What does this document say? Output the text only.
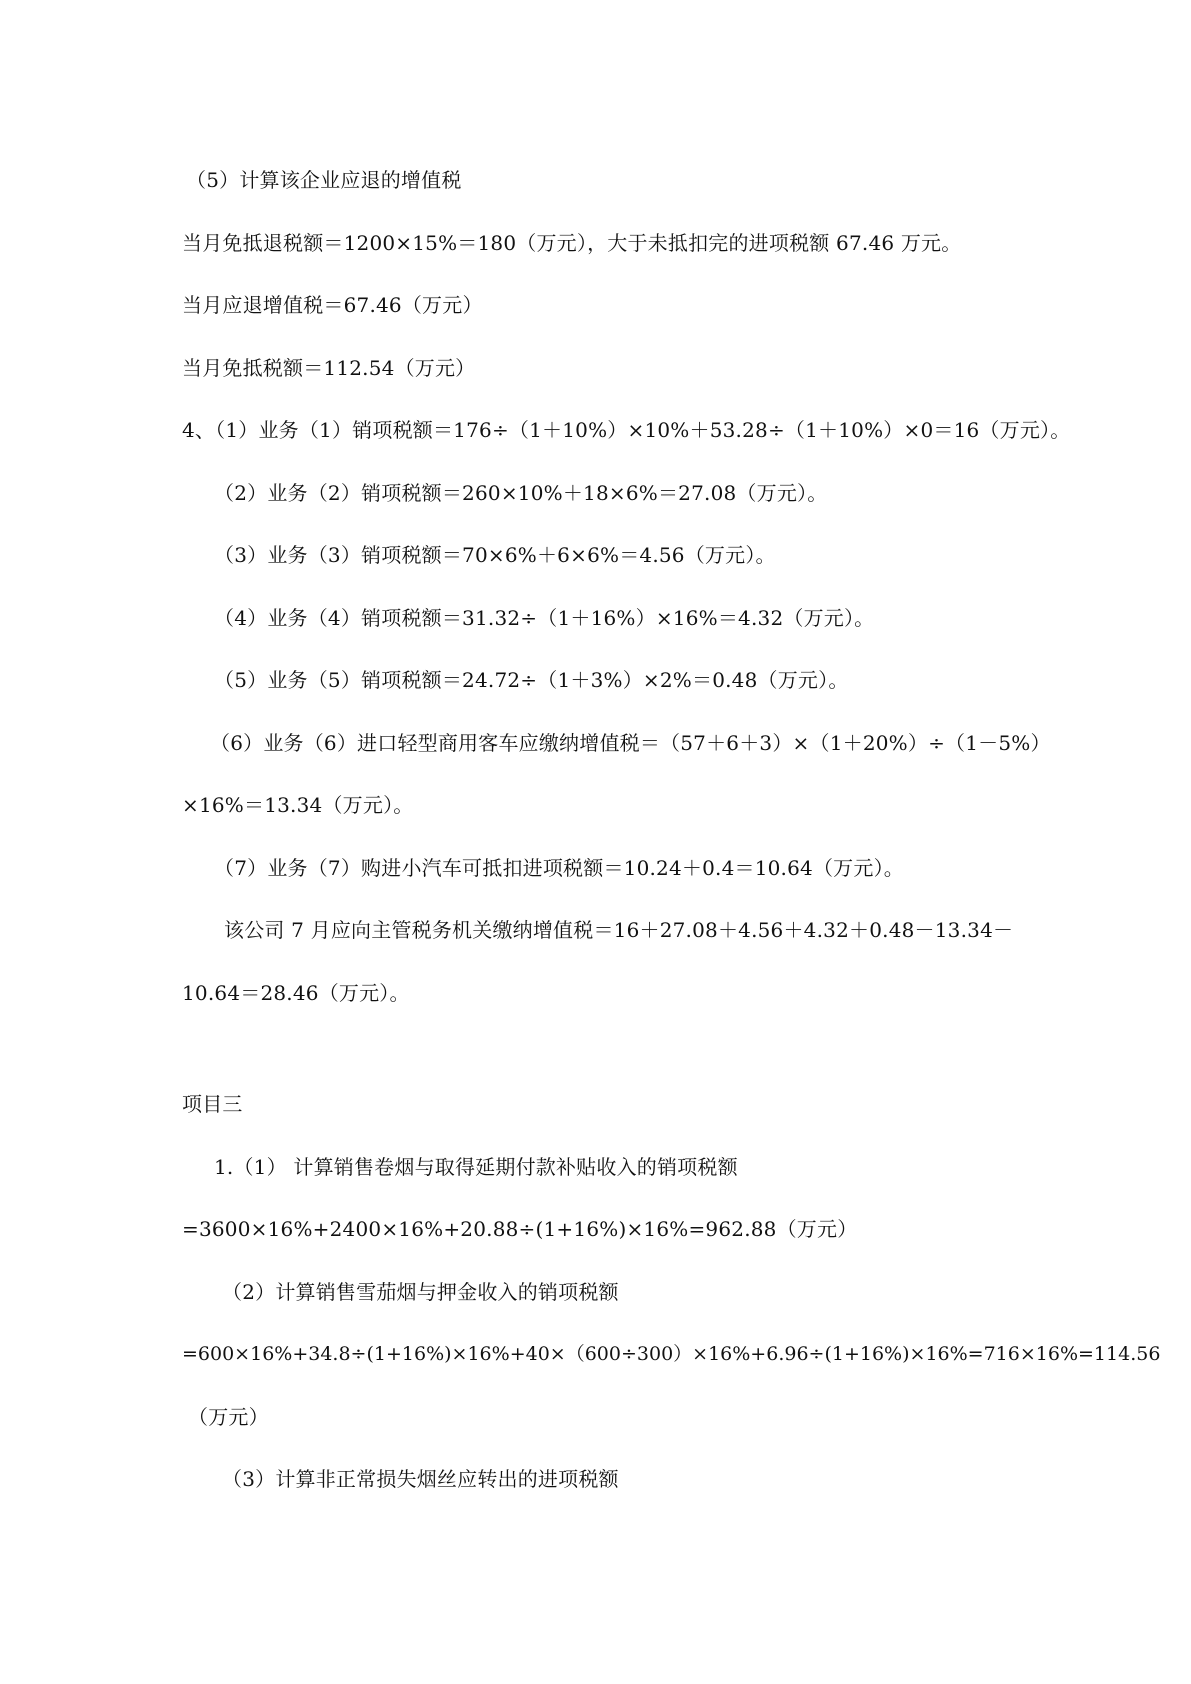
（5）计算该企业应退的增值税
当月免抵退税额＝1200×15%＝180（万元），大于未抵扣完的进项税额 67.46 万元。
当月应退增值税＝67.46（万元）
当月免抵税额＝112.54（万元）
4、（1）业务（1）销项税额＝176÷（1＋10%）×10%＋53.28÷（1＋10%）×0＝16（万元）。
（2）业务（2）销项税额＝260×10%＋18×6%＝27.08（万元）。
（3）业务（3）销项税额＝70×6%＋6×6%＝4.56（万元）。
（4）业务（4）销项税额＝31.32÷（1＋16%）×16%＝4.32（万元）。
（5）业务（5）销项税额＝24.72÷（1＋3%）×2%＝0.48（万元）。
（6）业务（6）进口轻型商用客车应缴纳增值税＝（57＋6＋3）×（1＋20%）÷（1－5%）
×16%＝13.34（万元）。
（7）业务（7）购进小汽车可抵扣进项税额＝10.24＋0.4＝10.64（万元）。
该公司 7 月应向主管税务机关缴纳增值税＝16＋27.08＋4.56＋4.32＋0.48－13.34－
10.64＝28.46（万元）。
项目三
1.（1） 计算销售卷烟与取得延期付款补贴收入的销项税额
=3600×16%+2400×16%+20.88÷(1+16%)×16%=962.88（万元）
（2）计算销售雪茄烟与押金收入的销项税额
=600×16%+34.8÷(1+16%)×16%+40×（600÷300）×16%+6.96÷(1+16%)×16%=716×16%=114.56
（万元）
（3）计算非正常损失烟丝应转出的进项税额
